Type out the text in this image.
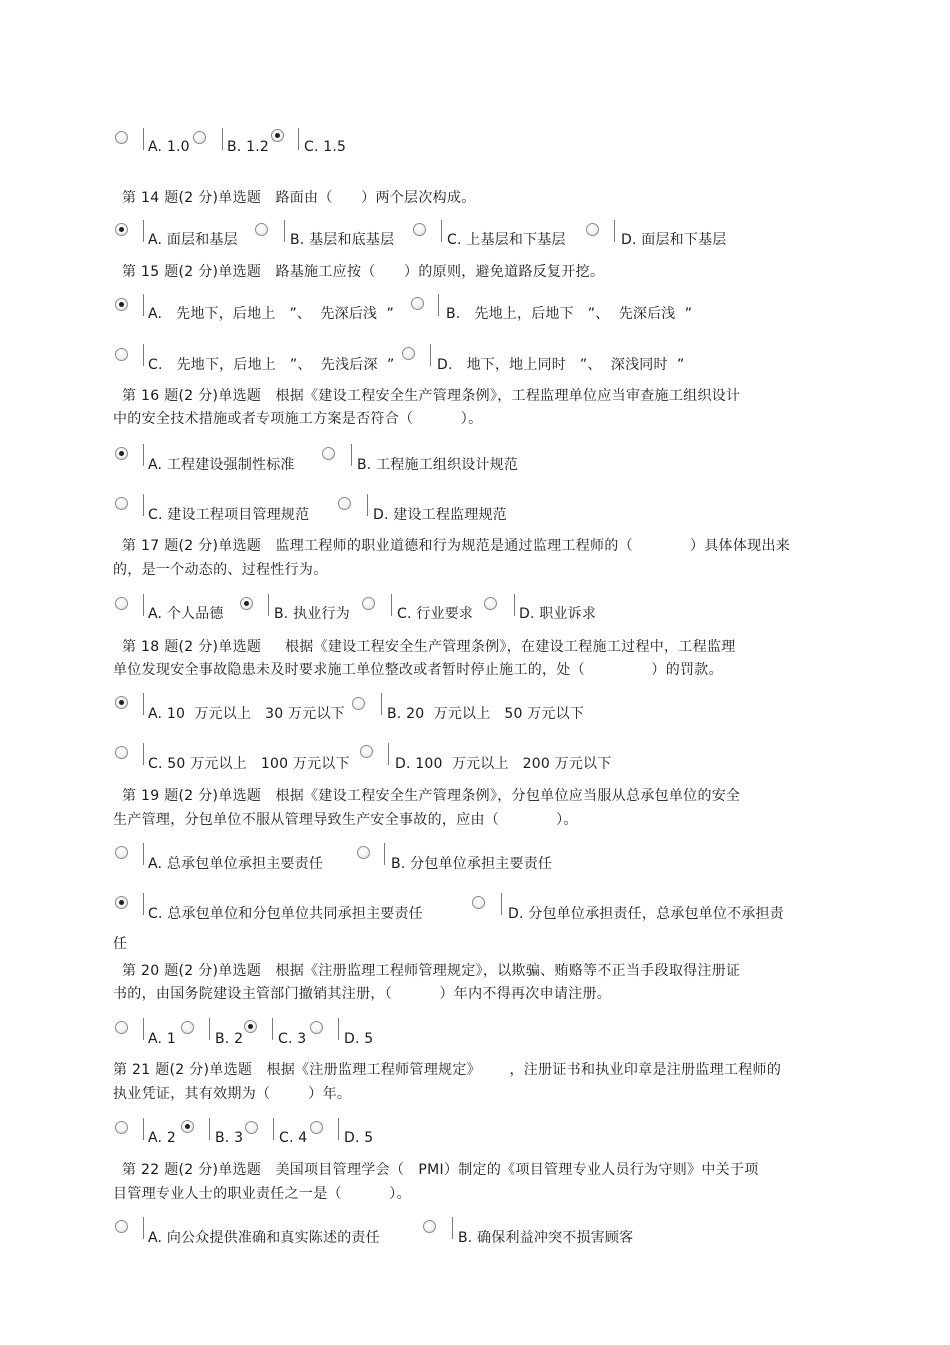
A. 1.0	B. 1.2	C. 1.5
第 14 题(2 分)单选题   路面由（      ）两个层次构成。
A. 面层和基层	B. 基层和底基层	C. 上基层和下基层	D. 面层和下基层
第 15 题(2 分)单选题   路基施工应按（      ）的原则，避免道路反复开挖。
A.   先地下，后地上   ”、  先深后浅  ”	B.   先地上，后地下   ”、  先深后浅  ”
C.   先地下，后地上   ”、  先浅后深  ”	D.   地下，地上同时   ”、  深浅同时  ”
第 16 题(2 分)单选题   根据《建设工程安全生产管理条例》，工程监理单位应当审查施工组织设计
中的安全技术措施或者专项施工方案是否符合（          ）。
A. 工程建设强制性标准	B. 工程施工组织设计规范
C. 建设工程项目管理规范	D. 建设工程监理规范
第 17 题(2 分)单选题   监理工程师的职业道德和行为规范是通过监理工程师的（            ）具体体现出来
的，是一个动态的、过程性行为。
A. 个人品德	B. 执业行为	C. 行业要求	D. 职业诉求
第 18 题(2 分)单选题     根据《建设工程安全生产管理条例》，在建设工程施工过程中，工程监理
单位发现安全事故隐患未及时要求施工单位整改或者暂时停止施工的，处（              ）的罚款。
A. 10  万元以上   30 万元以下	B. 20  万元以上   50 万元以下
C. 50 万元以上   100 万元以下	D. 100  万元以上   200 万元以下
第 19 题(2 分)单选题   根据《建设工程安全生产管理条例》，分包单位应当服从总承包单位的安全
生产管理，分包单位不服从管理导致生产安全事故的，应由（            ）。
A. 总承包单位承担主要责任	B. 分包单位承担主要责任
C. 总承包单位和分包单位共同承担主要责任	D. 分包单位承担责任，总承包单位不承担责
任
第 20 题(2 分)单选题   根据《注册监理工程师管理规定》，以欺骗、贿赂等不正当手段取得注册证
书的，由国务院建设主管部门撤销其注册，（          ）年内不得再次申请注册。
A. 1	B. 2 C. 3	D. 5
第 21 题(2 分)单选题   根据《注册监理工程师管理规定》      ，注册证书和执业印章是注册监理工程师的
执业凭证，其有效期为（        ）年。
A. 2	B. 3	C. 4	D. 5
第 22 题(2 分)单选题   美国项目管理学会（   PMI）制定的《项目管理专业人员行为守则》中关于项
目管理专业人士的职业责任之一是（          ）。
A. 向公众提供准确和真实陈述的责任	B. 确保利益冲突不损害顾客
